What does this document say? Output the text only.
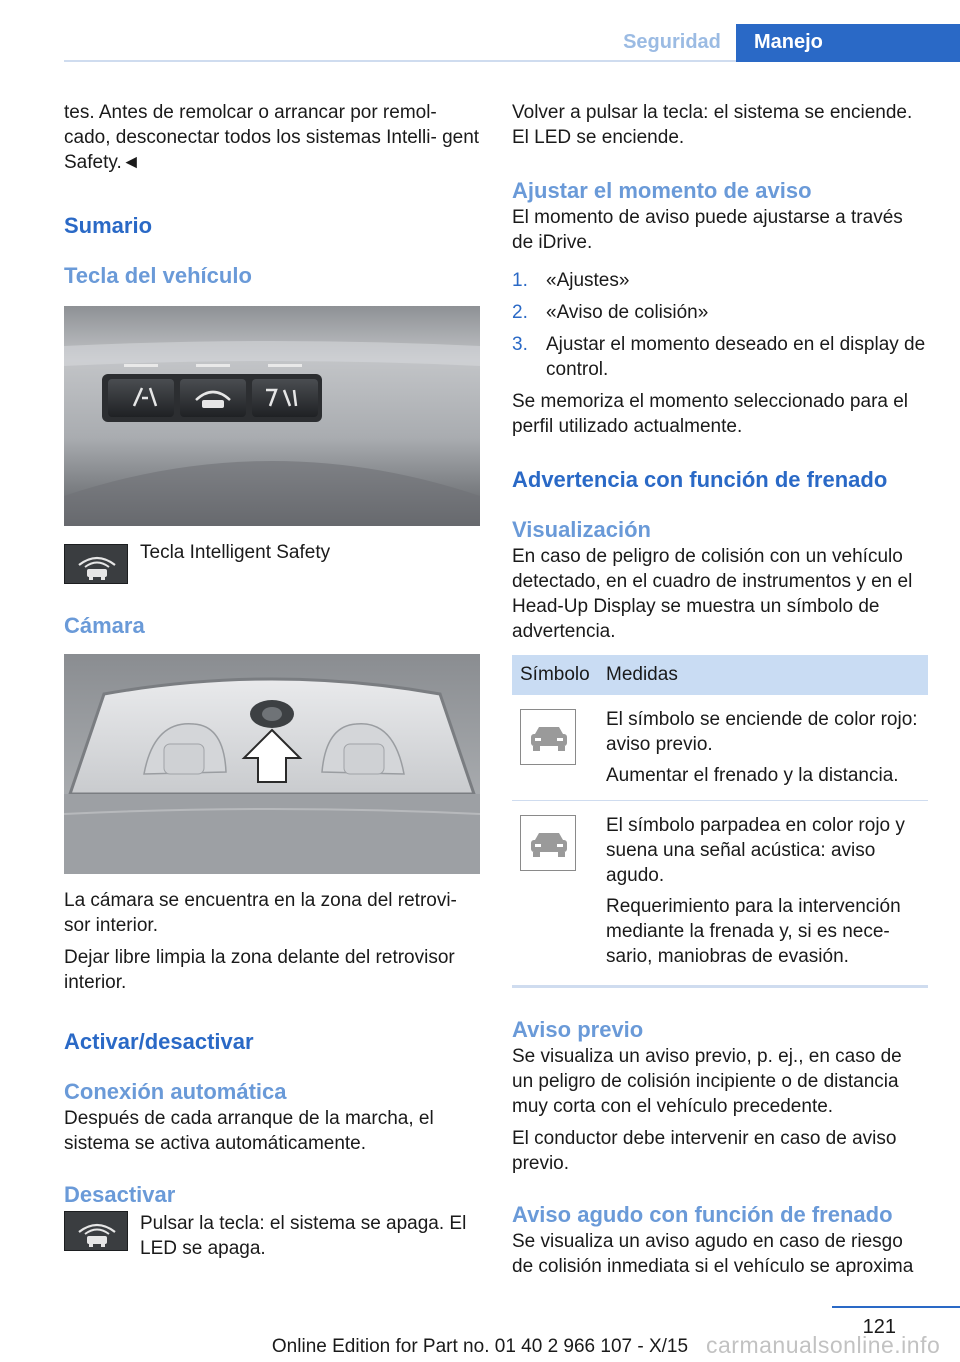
Seguridad	Manejo

tes. Antes de remolcar o arrancar por remol‐ cado, desconectar todos los sistemas Intelli‐ gent Safety.◄

Sumario
Tecla del vehículo

Tecla Intelligent Safety

Cámara

La cámara se encuentra en la zona del retrovi‐ sor interior.

Dejar libre limpia la zona delante del retrovisor interior.

Activar/desactivar
Conexión automática

Después de cada arranque de la marcha, el sistema se activa automáticamente.

Desactivar

Pulsar la tecla: el sistema se apaga. El LED se apaga.

Volver a pulsar la tecla: el sistema se enciende. El LED se enciende.

Ajustar el momento de aviso

El momento de aviso puede ajustarse a través de iDrive.

1. «Ajustes»
2. «Aviso de colisión»
3. Ajustar el momento deseado en el display de control.

Se memoriza el momento seleccionado para el perfil utilizado actualmente.

Advertencia con función de frenado
Visualización

En caso de peligro de colisión con un vehículo detectado, en el cuadro de instrumentos y en el Head-Up Display se muestra un símbolo de advertencia.

Símbolo Medidas

El símbolo se enciende de color rojo: aviso previo.

Aumentar el frenado y la distancia.

El símbolo parpadea en color rojo y suena una señal acústica: aviso agudo.

Requerimiento para la intervención mediante la frenada y, si es nece‐ sario, maniobras de evasión.

Aviso previo

Se visualiza un aviso previo, p. ej., en caso de un peligro de colisión incipiente o de distancia muy corta con el vehículo precedente.

El conductor debe intervenir en caso de aviso previo.

Aviso agudo con función de frenado

Se visualiza un aviso agudo en caso de riesgo de colisión inmediata si el vehículo se aproxima

121
Online Edition for Part no. 01 40 2 966 107 - X/15 carmanualsonline.info
